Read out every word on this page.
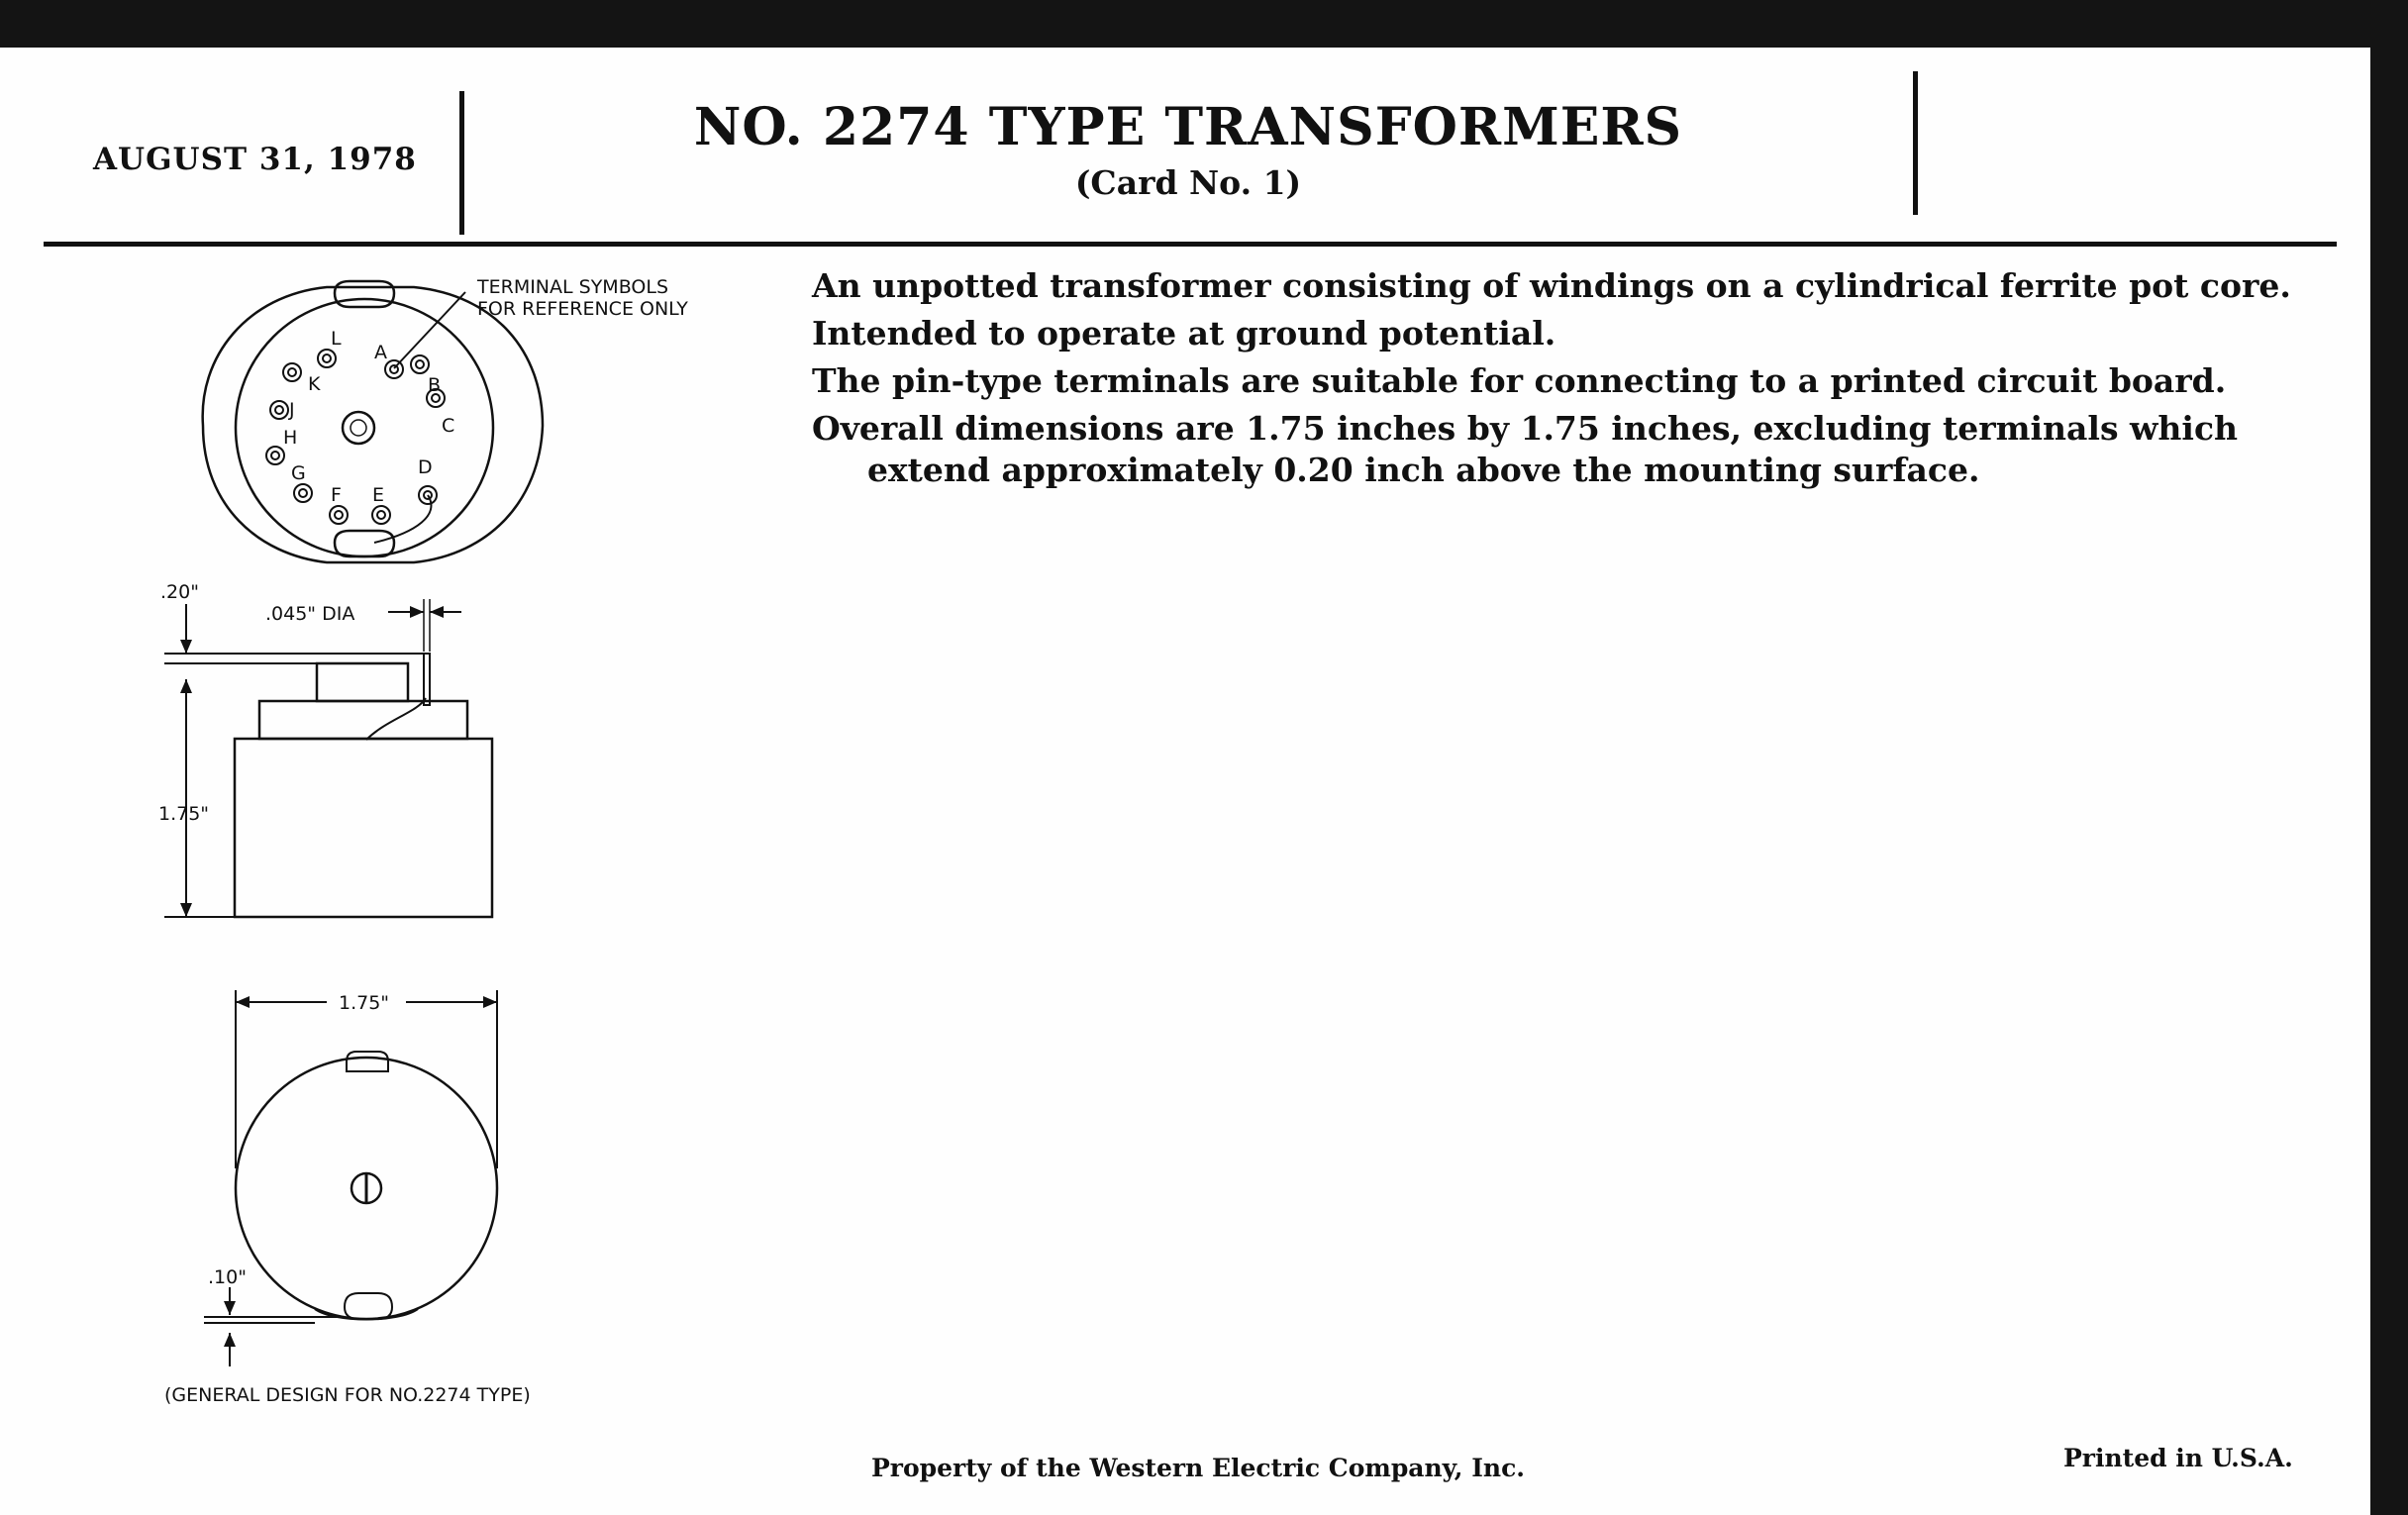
AUGUST 31, 1978
NO. 2274 TYPE TRANSFORMERS
(Card No. 1)

An unpotted transformer consisting of windings on a cylindrical ferrite pot core.

Intended to operate at ground potential.

The pin-type terminals are suitable for connecting to a printed circuit board.

Overall dimensions are 1.75 inches by 1.75 inches, excluding terminals which extend approximately 0.20 inch above the mounting surface.

A
B
C
D
E
F
G
H
J
K
L
TERMINAL SYMBOLS
FOR REFERENCE ONLY
.20"
.045" DIA
1.75"
1.75"
.10"
(GENERAL DESIGN FOR NO.2274 TYPE)
Property of the Western Electric Company, Inc.	Printed in U.S.A.
